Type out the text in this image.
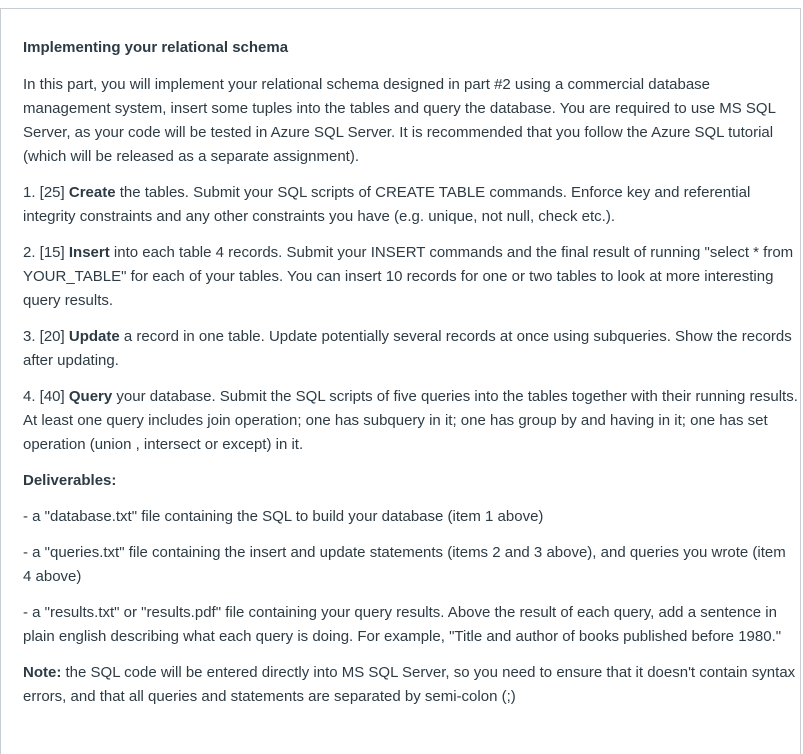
Implementing your relational schema

In this part, you will implement your relational schema designed in part #2 using a commercial database management system, insert some tuples into the tables and query the database. You are required to use MS SQL Server, as your code will be tested in Azure SQL Server. It is recommended that you follow the Azure SQL tutorial (which will be released as a separate assignment).

1. [25] Create the tables. Submit your SQL scripts of CREATE TABLE commands. Enforce key and referential integrity constraints and any other constraints you have (e.g. unique, not null, check etc.).

2. [15] Insert into each table 4 records. Submit your INSERT commands and the final result of running "select * from YOUR_TABLE" for each of your tables. You can insert 10 records for one or two tables to look at more interesting query results.

3. [20] Update a record in one table. Update potentially several records at once using subqueries. Show the records after updating.

4. [40] Query your database. Submit the SQL scripts of five queries into the tables together with their running results. At least one query includes join operation; one has subquery in it; one has group by and having in it; one has set operation (union , intersect or except) in it.

Deliverables:

- a "database.txt" file containing the SQL to build your database (item 1 above)

- a "queries.txt" file containing the insert and update statements (items 2 and 3 above), and queries you wrote (item 4 above)

- a "results.txt" or "results.pdf" file containing your query results. Above the result of each query, add a sentence in plain english describing what each query is doing. For example, "Title and author of books published before 1980."

Note: the SQL code will be entered directly into MS SQL Server, so you need to ensure that it doesn't contain syntax errors, and that all queries and statements are separated by semi-colon (;)
